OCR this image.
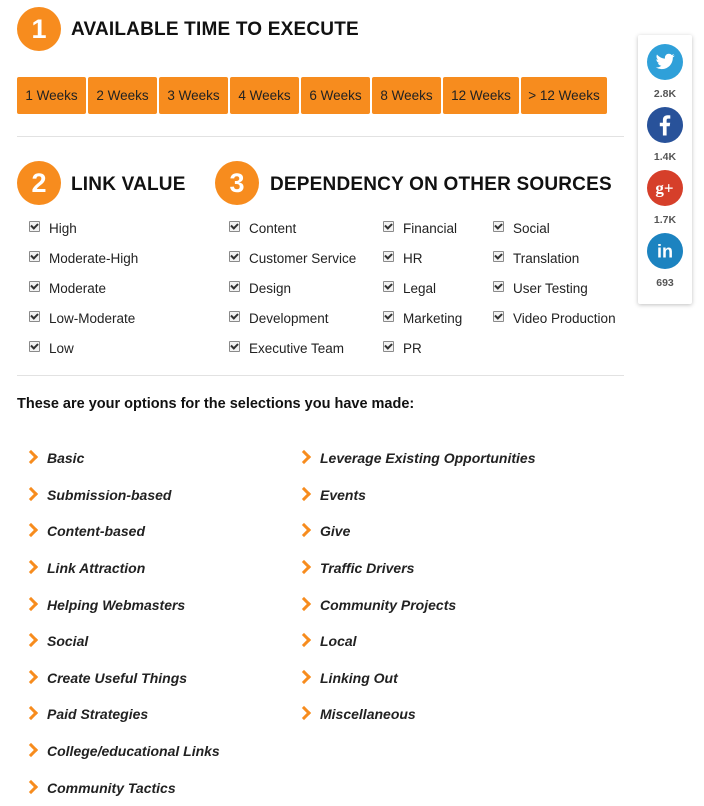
1	AVAILABLE TIME TO EXECUTE
1 Weeks	2 Weeks	3 Weeks	4 Weeks	6 Weeks	8 Weeks	12 Weeks	> 12 Weeks
2	LINK VALUE
High
Moderate-High
Moderate
Low-Moderate
Low
3	DEPENDENCY ON OTHER SOURCES
Content
Customer Service
Design
Development
Executive Team
Financial
HR
Legal
Marketing
PR
Social
Translation
User Testing
Video Production
These are your options for the selections you have made:
Basic
Submission-based
Content-based
Link Attraction
Helping Webmasters
Social
Create Useful Things
Paid Strategies
College/educational Links
Community Tactics
Leverage Existing Opportunities
Events
Give
Traffic Drivers
Community Projects
Local
Linking Out
Miscellaneous
2.8K
1.4K
g+
1.7K
in
693
